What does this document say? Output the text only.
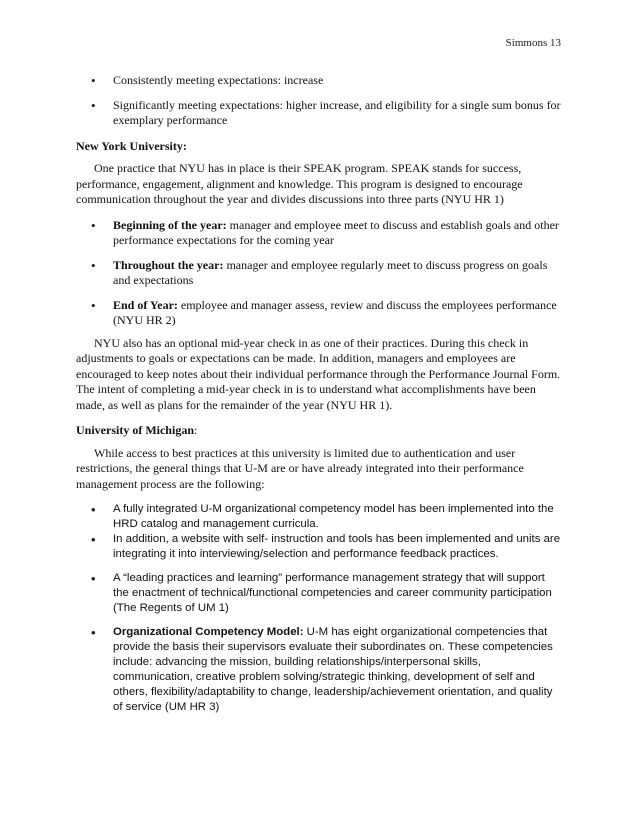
Simmons 13
• Consistently meeting expectations: increase
• Significantly meeting expectations: higher increase, and eligibility for a single sum bonus for exemplary performance
New York University:
One practice that NYU has in place is their SPEAK program. SPEAK stands for success, performance, engagement, alignment and knowledge. This program is designed to encourage communication throughout the year and divides discussions into three parts (NYU HR 1)
• Beginning of the year: manager and employee meet to discuss and establish goals and other performance expectations for the coming year
• Throughout the year: manager and employee regularly meet to discuss progress on goals and expectations
• End of Year: employee and manager assess, review and discuss the employees performance (NYU HR 2)
NYU also has an optional mid-year check in as one of their practices. During this check in adjustments to goals or expectations can be made. In addition, managers and employees are encouraged to keep notes about their individual performance through the Performance Journal Form. The intent of completing a mid-year check in is to understand what accomplishments have been made, as well as plans for the remainder of the year (NYU HR 1).
University of Michigan:
While access to best practices at this university is limited due to authentication and user restrictions, the general things that U-M are or have already integrated into their performance management process are the following:
• A fully integrated U-M organizational competency model has been implemented into the HRD catalog and management curricula.
• In addition, a website with self- instruction and tools has been implemented and units are integrating it into interviewing/selection and performance feedback practices.
• A “leading practices and learning” performance management strategy that will support the enactment of technical/functional competencies and career community participation (The Regents of UM 1)
• Organizational Competency Model: U-M has eight organizational competencies that provide the basis their supervisors evaluate their subordinates on. These competencies include: advancing the mission, building relationships/interpersonal skills, communication, creative problem solving/strategic thinking, development of self and others, flexibility/adaptability to change, leadership/achievement orientation, and quality of service (UM HR 3)
